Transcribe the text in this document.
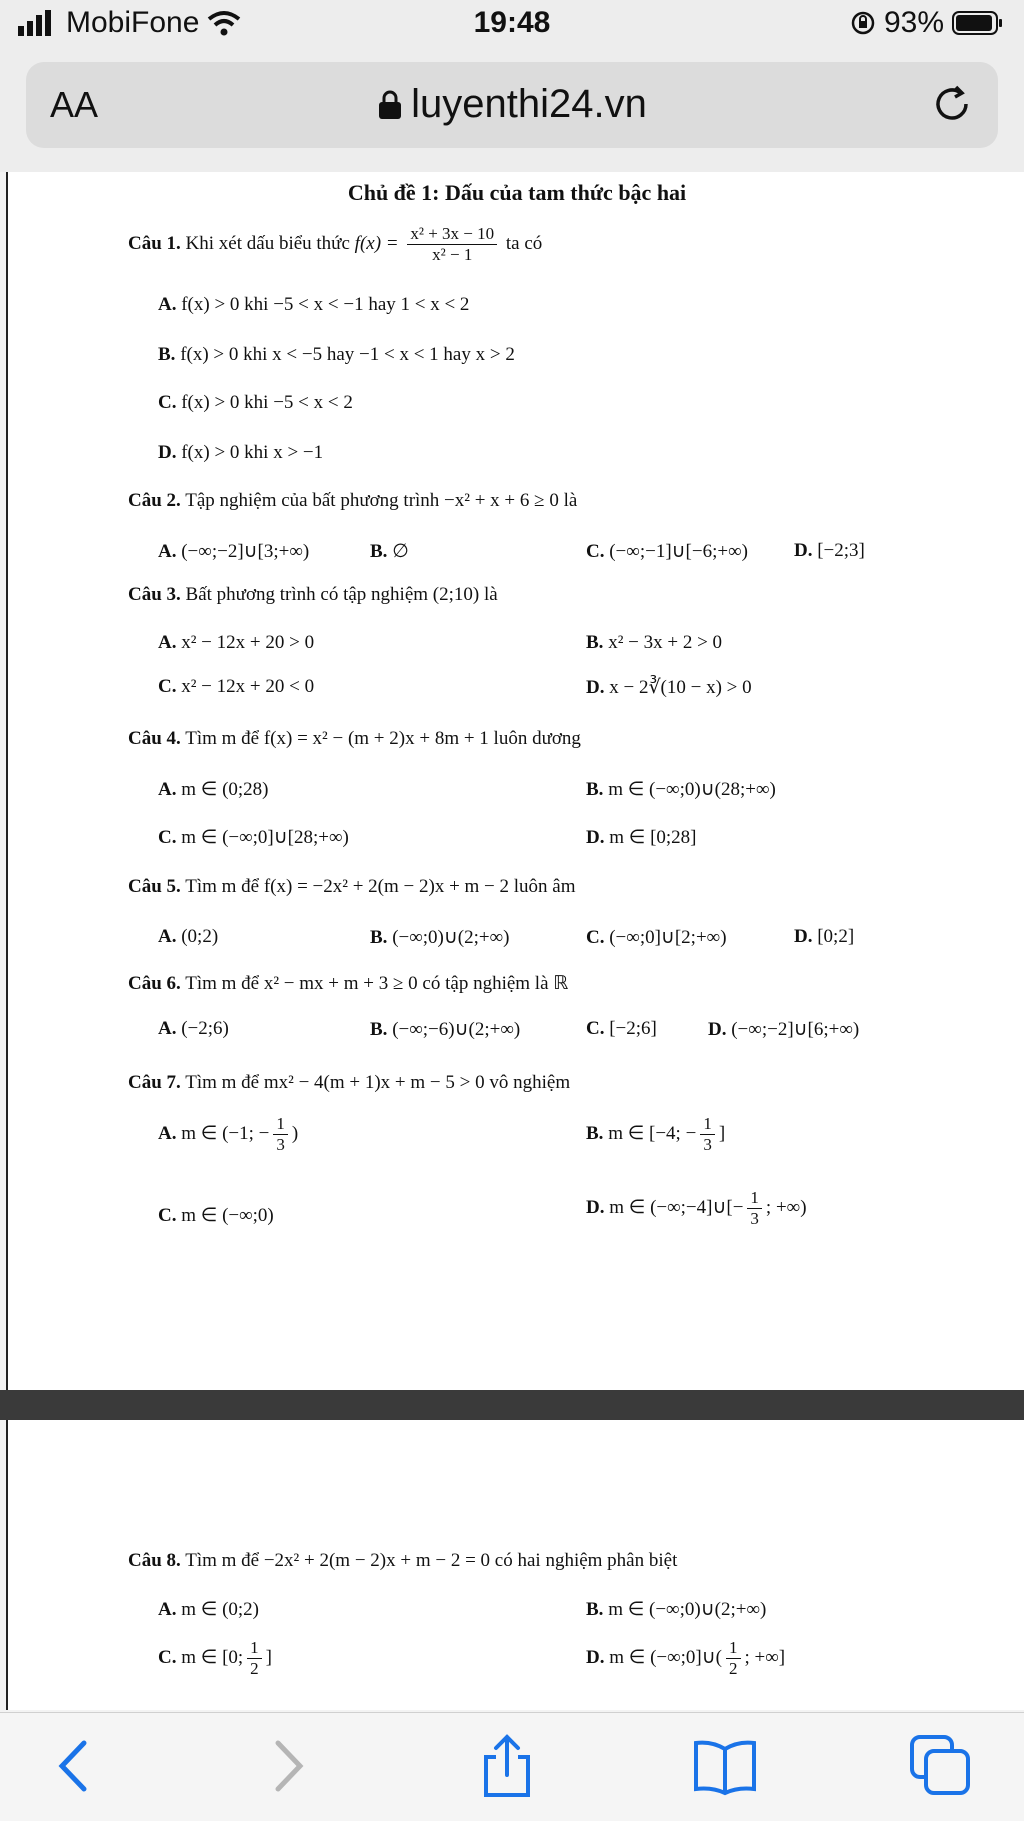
MobiFone	19:48	93%
AA	luyenthi24.vn
Chủ đề 1: Dấu của tam thức bậc hai
Câu 1. Khi xét dấu biểu thức $f(x) = \frac{\text{x² + 3x − 10}}{\text{x² − 1}}$ ta có
A. f(x) > 0 khi −5 < x < −1 hay 1 < x < 2
B. f(x) > 0 khi x < −5 hay −1 < x < 1 hay x > 2
C. f(x) > 0 khi −5 < x < 2
D. f(x) > 0 khi x > −1
Câu 2. Tập nghiệm của bất phương trình −x² + x + 6 ≥ 0 là
A. (−∞;−2]∪[3;+∞)	B. ∅	C. (−∞;−1]∪[−6;+∞) D. [−2;3]
Câu 3. Bất phương trình có tập nghiệm (2;10) là
A. x² − 12x + 20 > 0	B. x² − 3x + 2 > 0
C. x² − 12x + 20 < 0	D. x − 2∛(10 − x) > 0
Câu 4. Tìm m để f(x) = x² − (m + 2)x + 8m + 1 luôn dương
A. m ∈ (0;28)	B. m ∈ (−∞;0)∪(28;+∞)
C. m ∈ (−∞;0]∪[28;+∞)	D. m ∈ [0;28]
Câu 5. Tìm m để f(x) = −2x² + 2(m − 2)x + m − 2 luôn âm
A. (0;2)	B. (−∞;0)∪(2;+∞)	C. (−∞;0]∪[2;+∞)	D. [0;2]
Câu 6. Tìm m để x² − mx + m + 3 ≥ 0 có tập nghiệm là ℝ
A. (−2;6)	B. (−∞;−6)∪(2;+∞)	C. [−2;6]	D. (−∞;−2]∪[6;+∞)
Câu 7. Tìm m để mx² − 4(m + 1)x + m − 5 > 0 vô nghiệm
A. m ∈ (−1; − $\frac{1}{3}$ )	B. m ∈ [−4; − $\frac{1}{3}$ ]
C. m ∈ (−∞;0)	D. m ∈ (−∞;−4]∪[− $\frac{1}{3}$ ; +∞)
Câu 8. Tìm m để −2x² + 2(m − 2)x + m − 2 = 0 có hai nghiệm phân biệt
A. m ∈ (0;2)	B. m ∈ (−∞;0)∪(2;+∞)
C. m ∈ [0; $\frac{1}{2}$ ]	D. m ∈ (−∞;0]∪( $\frac{1}{2}$ ; +∞]
